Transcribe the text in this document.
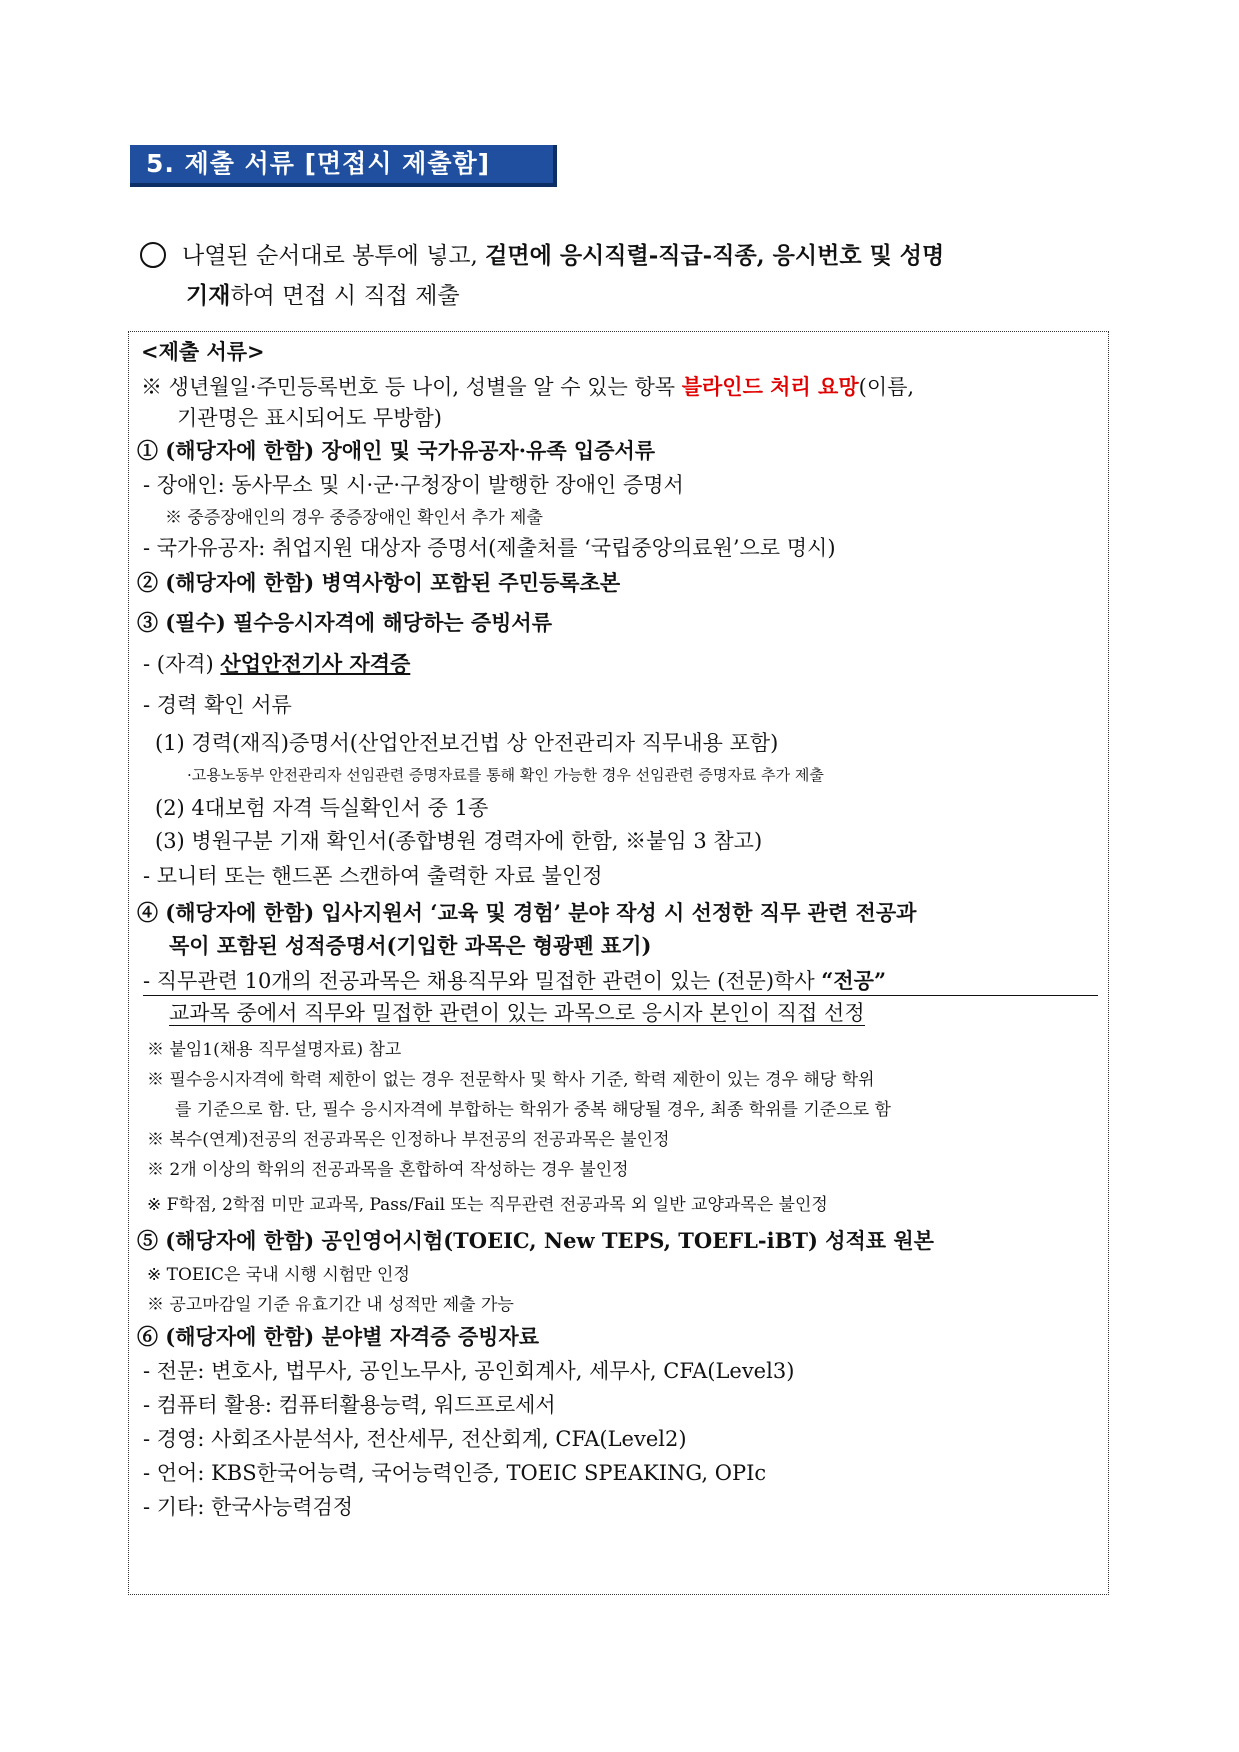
5. 제출 서류 [면접시 제출함]
나열된 순서대로 봉투에 넣고, 겉면에 응시직렬-직급-직종, 응시번호 및 성명
기재하여 면접 시 직접 제출
<제출 서류>
※ 생년월일·주민등록번호 등 나이, 성별을 알 수 있는 항목 블라인드 처리 요망(이름,
기관명은 표시되어도 무방함)
① (해당자에 한함) 장애인 및 국가유공자·유족 입증서류
- 장애인: 동사무소 및 시·군·구청장이 발행한 장애인 증명서
※ 중증장애인의 경우 중증장애인 확인서 추가 제출
- 국가유공자: 취업지원 대상자 증명서(제출처를 ‘국립중앙의료원’으로 명시)
② (해당자에 한함) 병역사항이 포함된 주민등록초본
③ (필수) 필수응시자격에 해당하는 증빙서류
- (자격) 산업안전기사 자격증
- 경력 확인 서류
(1) 경력(재직)증명서(산업안전보건법 상 안전관리자 직무내용 포함)
·고용노동부 안전관리자 선임관련 증명자료를 통해 확인 가능한 경우 선임관련 증명자료 추가 제출
(2) 4대보험 자격 득실확인서 중 1종
(3) 병원구분 기재 확인서(종합병원 경력자에 한함, ※붙임 3 참고)
- 모니터 또는 핸드폰 스캔하여 출력한 자료 불인정
④ (해당자에 한함) 입사지원서 ‘교육 및 경험’ 분야 작성 시 선정한 직무 관련 전공과
목이 포함된 성적증명서(기입한 과목은 형광펜 표기)
- 직무관련 10개의 전공과목은 채용직무와 밀접한 관련이 있는 (전문)학사 “전공”
교과목 중에서 직무와 밀접한 관련이 있는 과목으로 응시자 본인이 직접 선정
※ 붙임1(채용 직무설명자료) 참고
※ 필수응시자격에 학력 제한이 없는 경우 전문학사 및 학사 기준, 학력 제한이 있는 경우 해당 학위
를 기준으로 함. 단, 필수 응시자격에 부합하는 학위가 중복 해당될 경우, 최종 학위를 기준으로 함
※ 복수(연계)전공의 전공과목은 인정하나 부전공의 전공과목은 불인정
※ 2개 이상의 학위의 전공과목을 혼합하여 작성하는 경우 불인정
※ F학점, 2학점 미만 교과목, Pass/Fail 또는 직무관련 전공과목 외 일반 교양과목은 불인정
⑤ (해당자에 한함) 공인영어시험(TOEIC, New TEPS, TOEFL-iBT) 성적표 원본
※ TOEIC은 국내 시행 시험만 인정
※ 공고마감일 기준 유효기간 내 성적만 제출 가능
⑥ (해당자에 한함) 분야별 자격증 증빙자료
- 전문: 변호사, 법무사, 공인노무사, 공인회계사, 세무사, CFA(Level3)
- 컴퓨터 활용: 컴퓨터활용능력, 워드프로세서
- 경영: 사회조사분석사, 전산세무, 전산회계, CFA(Level2)
- 언어: KBS한국어능력, 국어능력인증, TOEIC SPEAKING, OPIc
- 기타: 한국사능력검정
